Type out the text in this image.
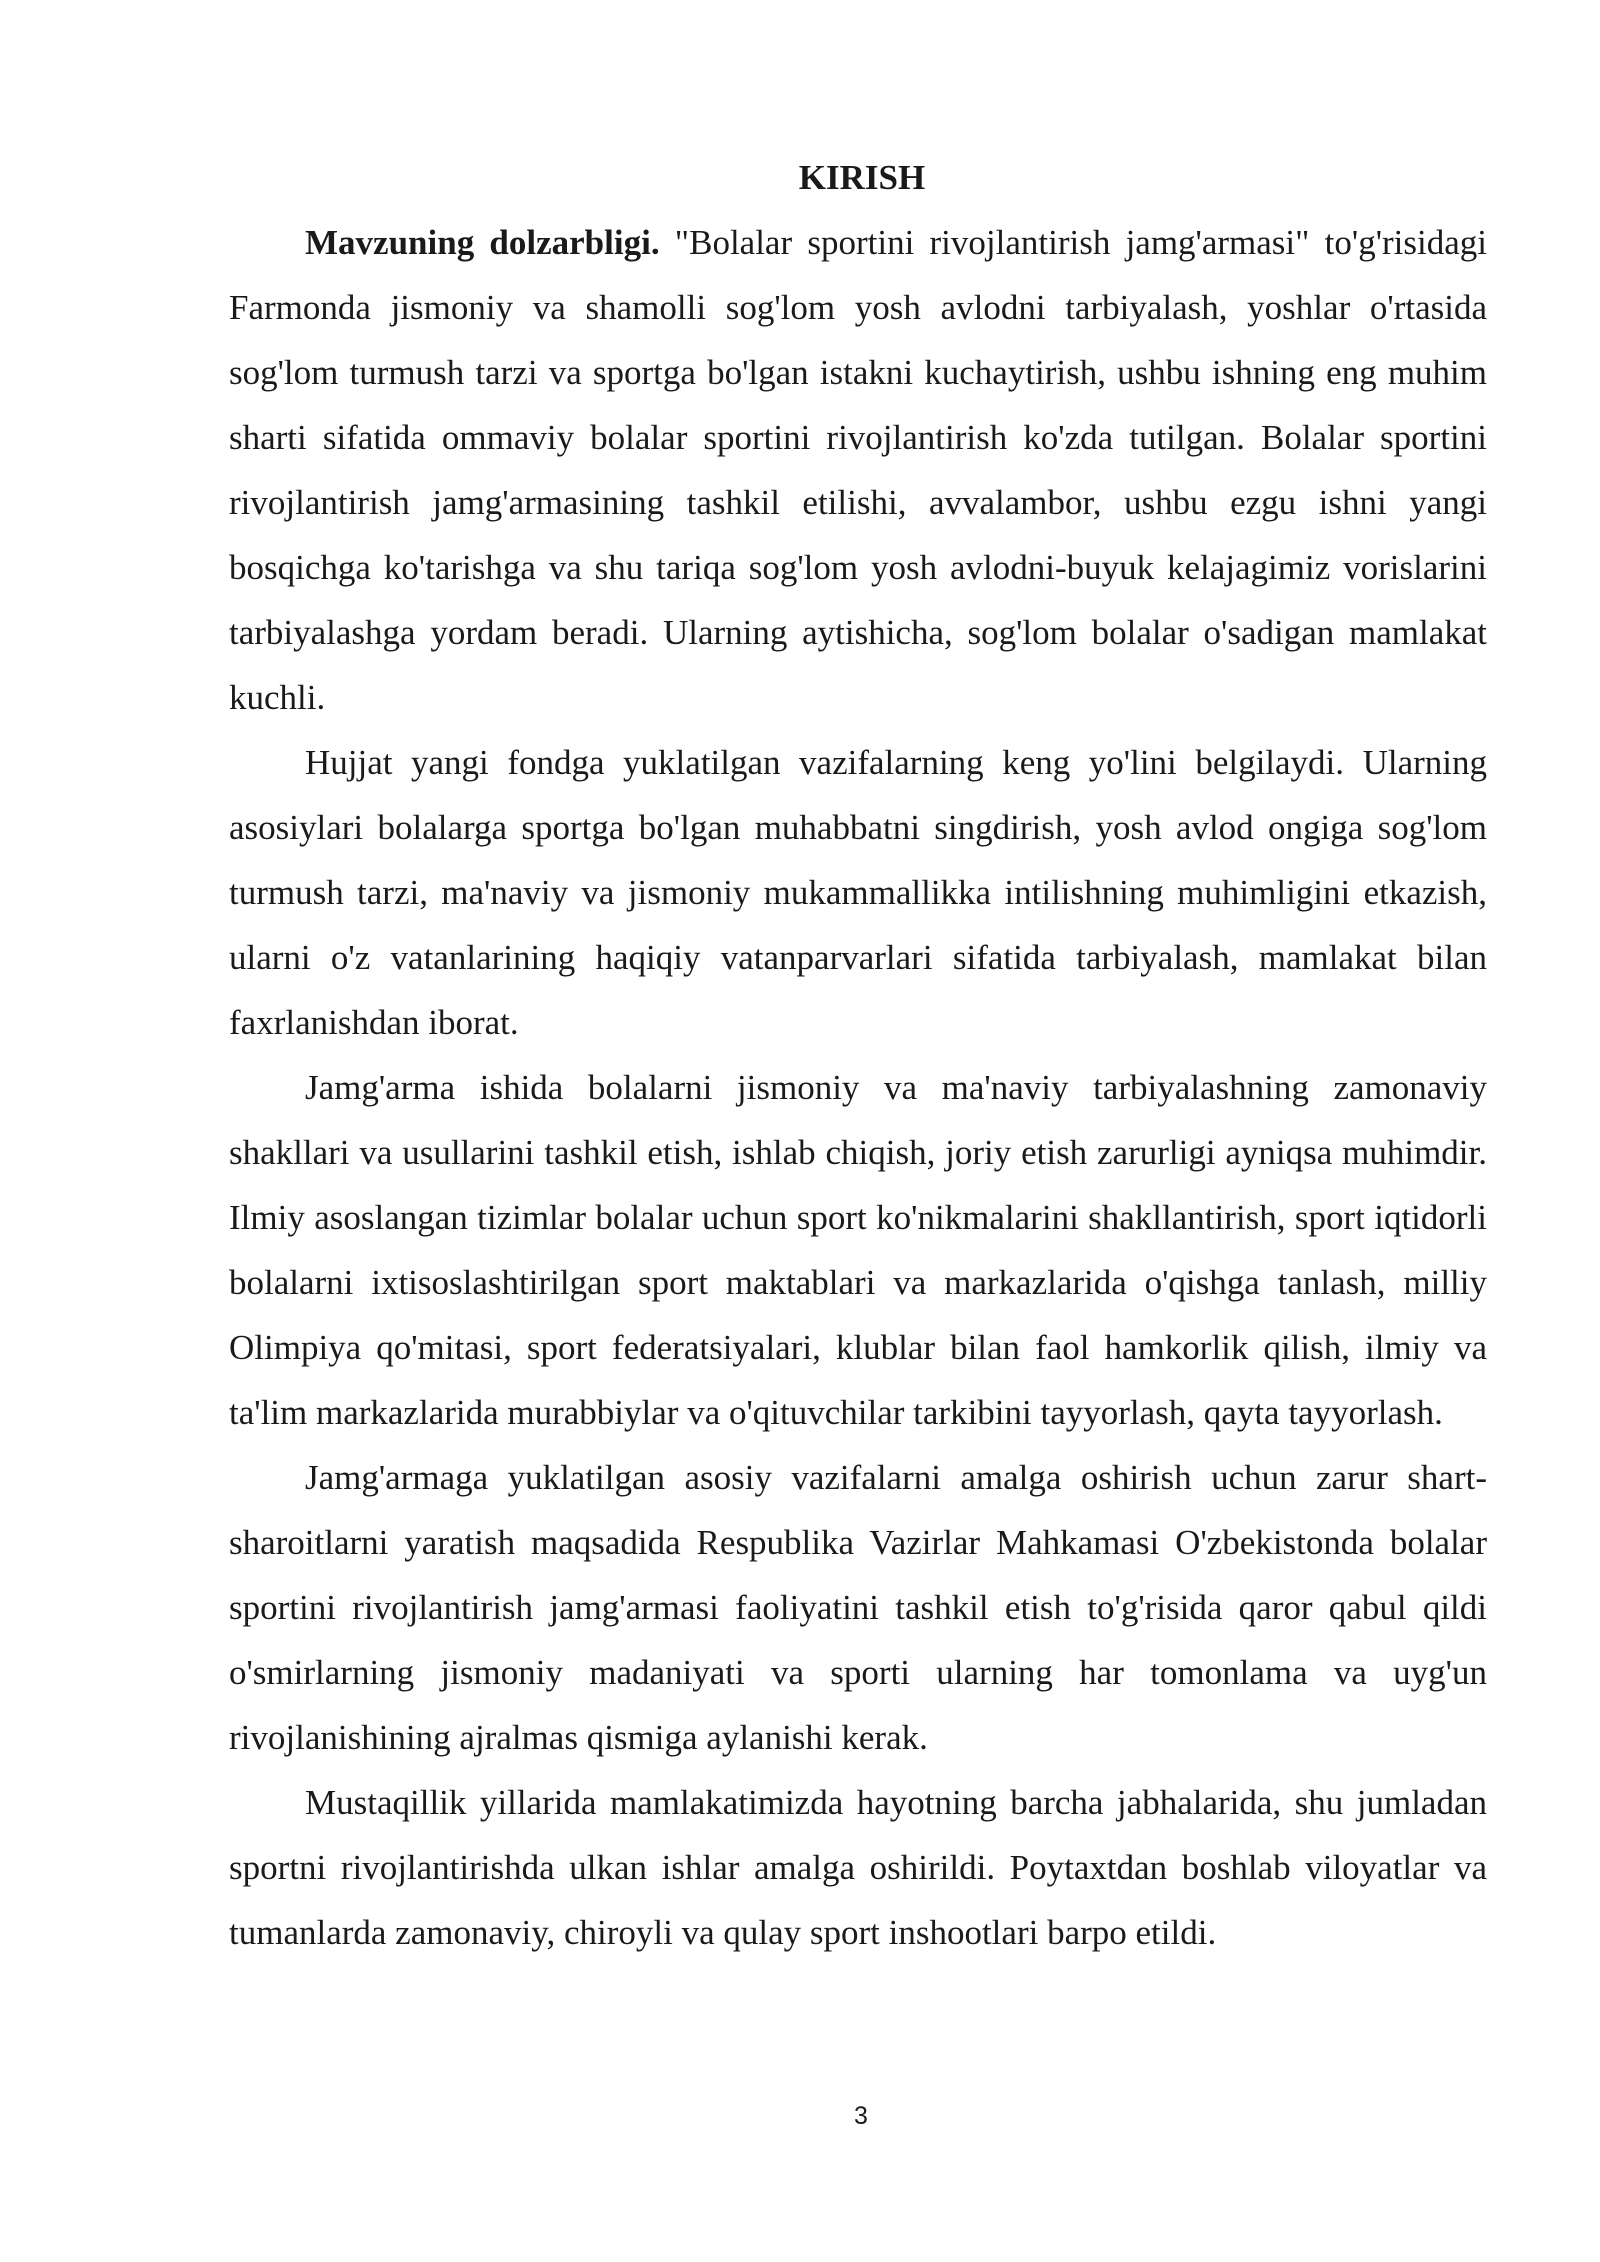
KIRISH

Mavzuning dolzarbligi. "Bolalar sportini rivojlantirish jamg'armasi" to'g'risidagi Farmonda jismoniy va shamolli sog'lom yosh avlodni tarbiyalash, yoshlar o'rtasida sog'lom turmush tarzi va sportga bo'lgan istakni kuchaytirish, ushbu ishning eng muhim sharti sifatida ommaviy bolalar sportini rivojlantirish ko'zda tutilgan. Bolalar sportini rivojlantirish jamg'armasining tashkil etilishi, avvalambor, ushbu ezgu ishni yangi bosqichga ko'tarishga va shu tariqa sog'lom yosh avlodni-buyuk kelajagimiz vorislarini tarbiyalashga yordam beradi. Ularning aytishicha, sog'lom bolalar o'sadigan mamlakat kuchli.

Hujjat yangi fondga yuklatilgan vazifalarning keng yo'lini belgilaydi. Ularning asosiylari bolalarga sportga bo'lgan muhabbatni singdirish, yosh avlod ongiga sog'lom turmush tarzi, ma'naviy va jismoniy mukammallikka intilishning muhimligini etkazish, ularni o'z vatanlarining haqiqiy vatanparvarlari sifatida tarbiyalash, mamlakat bilan faxrlanishdan iborat.

Jamg'arma ishida bolalarni jismoniy va ma'naviy tarbiyalashning zamonaviy shakllari va usullarini tashkil etish, ishlab chiqish, joriy etish zarurligi ayniqsa muhimdir. Ilmiy asoslangan tizimlar bolalar uchun sport ko'nikmalarini shakllantirish, sport iqtidorli bolalarni ixtisoslashtirilgan sport maktablari va markazlarida o'qishga tanlash, milliy Olimpiya qo'mitasi, sport federatsiyalari, klublar bilan faol hamkorlik qilish, ilmiy va ta'lim markazlarida murabbiylar va o'qituvchilar tarkibini tayyorlash, qayta tayyorlash.

Jamg'armaga yuklatilgan asosiy vazifalarni amalga oshirish uchun zarur shart-sharoitlarni yaratish maqsadida Respublika Vazirlar Mahkamasi O'zbekistonda bolalar sportini rivojlantirish jamg'armasi faoliyatini tashkil etish to'g'risida qaror qabul qildi o'smirlarning jismoniy madaniyati va sporti ularning har tomonlama va uyg'un rivojlanishining ajralmas qismiga aylanishi kerak.

Mustaqillik yillarida mamlakatimizda hayotning barcha jabhalarida, shu jumladan sportni rivojlantirishda ulkan ishlar amalga oshirildi. Poytaxtdan boshlab viloyatlar va tumanlarda zamonaviy, chiroyli va qulay sport inshootlari barpo etildi.

3
